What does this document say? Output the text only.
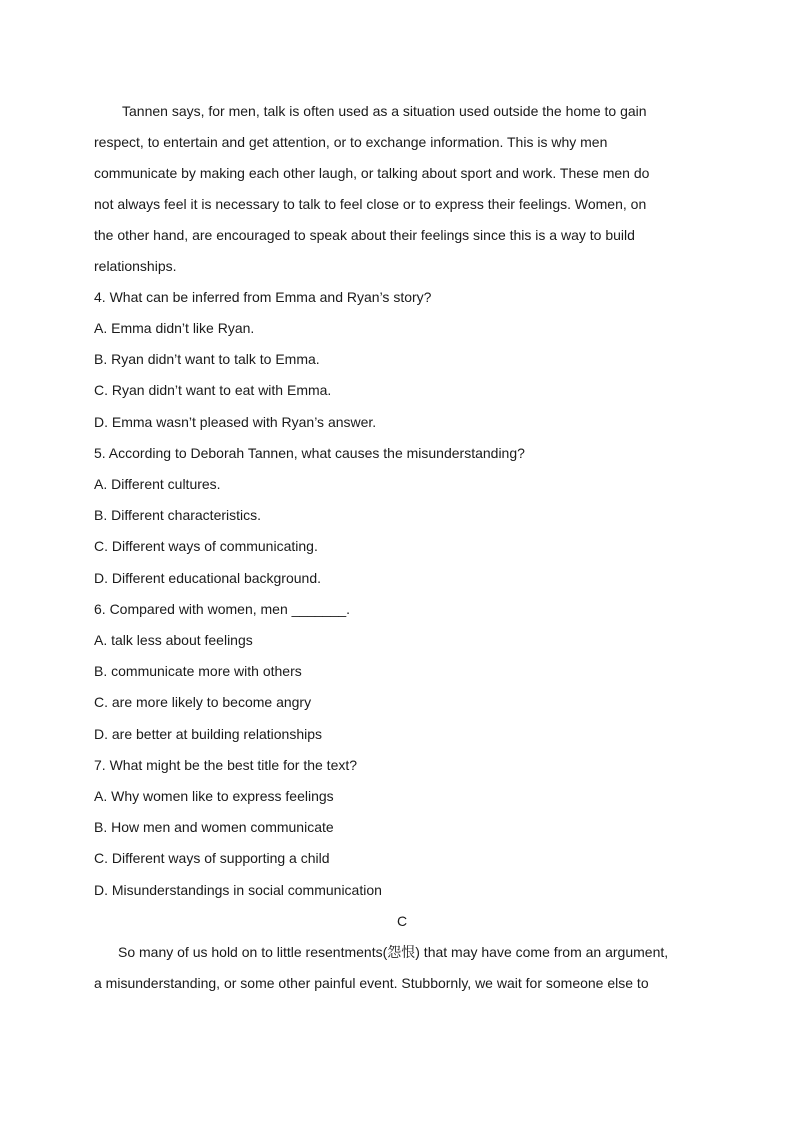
Tannen says, for men, talk is often used as a situation used outside the home to gain
respect, to entertain and get attention, or to exchange information. This is why men
communicate by making each other laugh, or talking about sport and work. These men do
not always feel it is necessary to talk to feel close or to express their feelings. Women, on
the other hand, are encouraged to speak about their feelings since this is a way to build
relationships.
4. What can be inferred from Emma and Ryan’s story?
A. Emma didn’t like Ryan.
B. Ryan didn’t want to talk to Emma.
C. Ryan didn’t want to eat with Emma.
D. Emma wasn’t pleased with Ryan’s answer.
5. According to Deborah Tannen, what causes the misunderstanding?
A. Different cultures.
B. Different characteristics.
C. Different ways of communicating.
D. Different educational background.
6. Compared with women, men _______.
A. talk less about feelings
B. communicate more with others
C. are more likely to become angry
D. are better at building relationships
7. What might be the best title for the text?
A. Why women like to express feelings
B. How men and women communicate
C. Different ways of supporting a child
D. Misunderstandings in social communication
C
So many of us hold on to little resentments(怨恨) that may have come from an argument,
a misunderstanding, or some other painful event. Stubbornly, we wait for someone else to
